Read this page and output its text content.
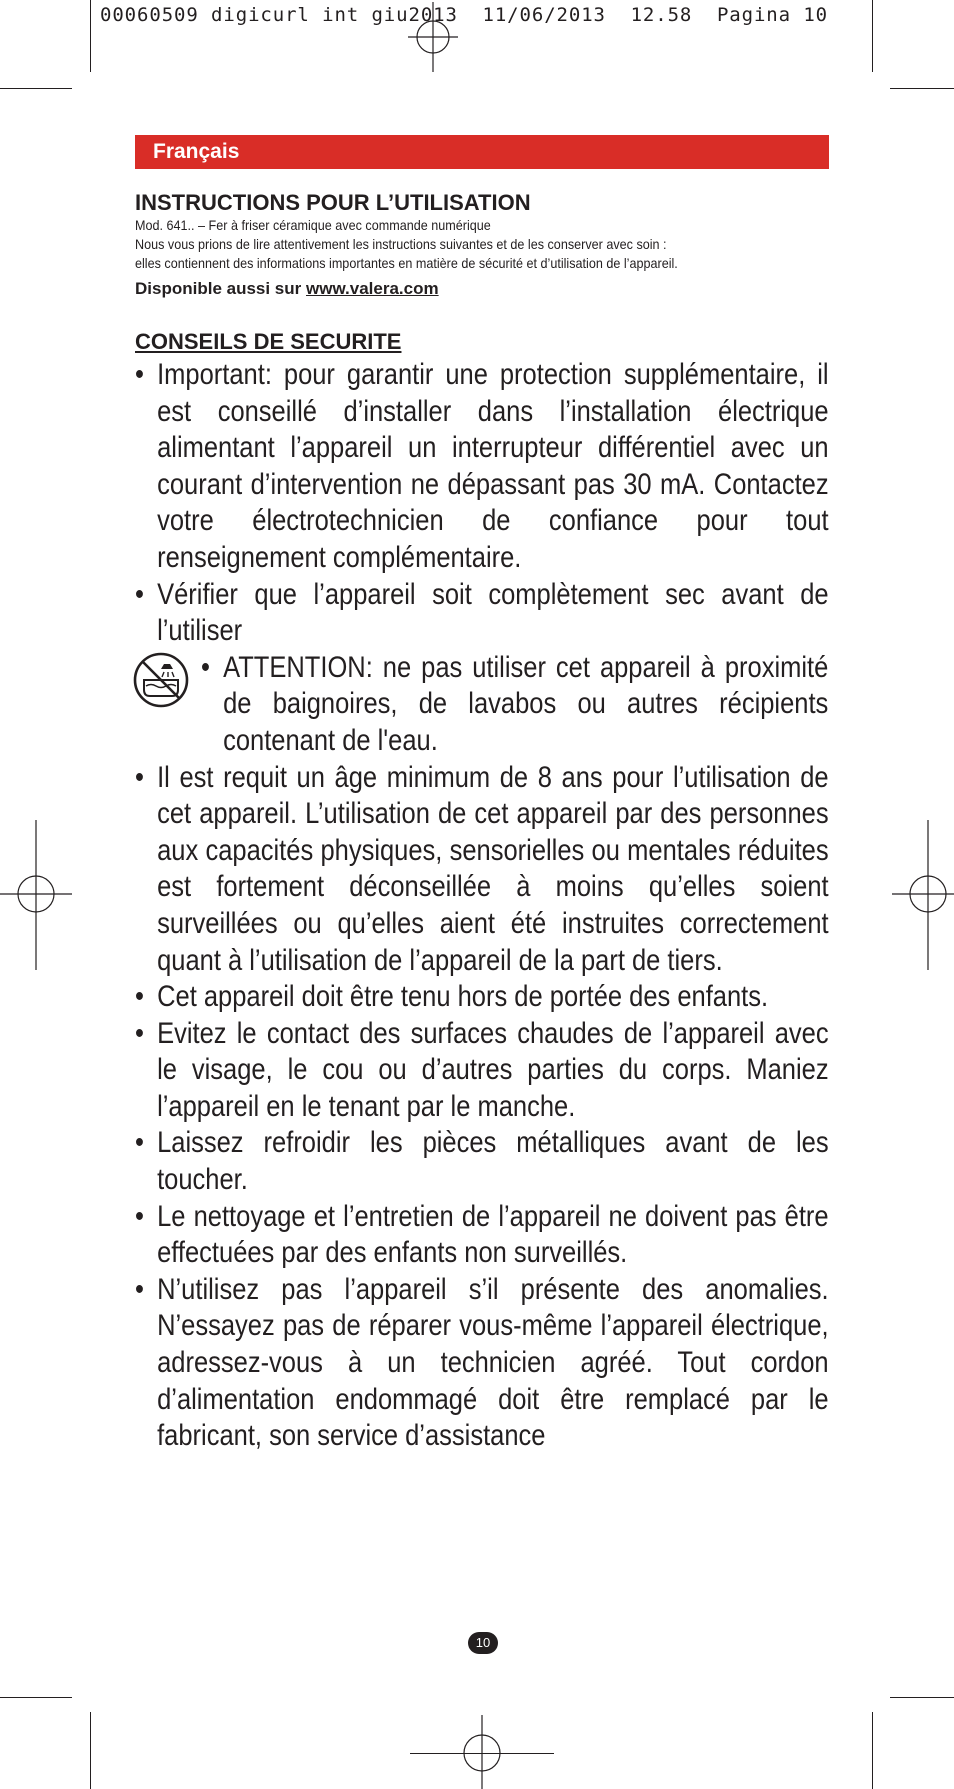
00060509 digicurl int giu2013  11/06/2013  12.58  Pagina 10
Français
INSTRUCTIONS POUR L’UTILISATION

Mod. 641.. – Fer à friser céramique avec commande numérique

Nous vous prions de lire attentivement les instructions suivantes et de les conserver avec soin :

elles contiennent des informations importantes en matière de sécurité et d’utilisation de l’appareil.

Disponible aussi sur www.valera.com
CONSEILS DE SECURITE
• Important: pour garantir une protection supplémentaire, il est conseillé d’installer dans l’installation électrique alimentant l’appareil un interrupteur différentiel avec un courant d’intervention ne dépassant pas 30 mA. Contactez votre électrotechnicien de confiance pour tout renseignement complémentaire.
• Vérifier que l’appareil soit complètement sec avant de l’utiliser
• ATTENTION: ne pas utiliser cet appareil à proximité de baignoires, de lavabos ou autres récipients contenant de l'eau.
• Il est requit un âge minimum de 8 ans pour l’utilisation de cet appareil. L’utilisation de cet appareil par des personnes aux capacités physiques, sensorielles ou mentales réduites est fortement déconseillée à moins qu’elles soient surveillées ou qu’elles aient été instruites correctement quant à l’utilisation de l’appareil de la part de tiers.
• Cet appareil doit être tenu hors de portée des enfants.
• Evitez le contact des surfaces chaudes de l’appareil avec le visage, le cou ou d’autres parties du corps. Maniez l’appareil en le tenant par le manche.
• Laissez refroidir les pièces métalliques avant de les toucher.
• Le nettoyage et l’entretien de l’appareil ne doivent pas être effectuées par des enfants non surveillés.
• N’utilisez pas l’appareil s’il présente des anomalies. N’essayez pas de réparer vous-même l’appareil électrique, adressez-vous à un technicien agréé. Tout cordon d’alimentation endommagé doit être remplacé par le fabricant, son service d’assistance
10
